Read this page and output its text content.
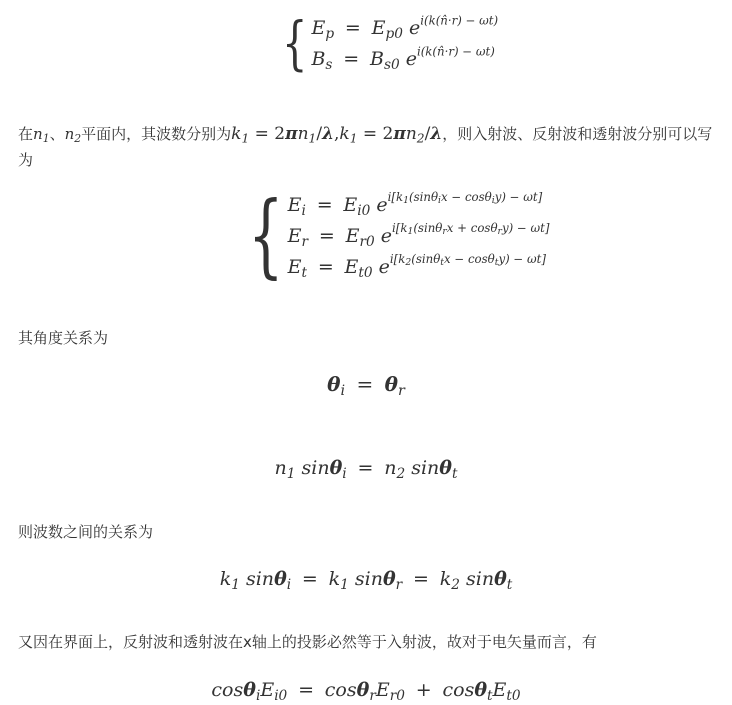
{ $E_p = E_{p0}$ $e^{i(k(n̂\cdot r) - \omega t)}$
$B_s = B_{s0}$ $e^{i(k(n̂\cdot r) - \omega t)}$
在$n_1$、$n_2$平面内，其波数分别为$k_1 = 2\pi n_1/\lambda,k_1 = 2\pi n_2/\lambda$，则入射波、反射波和透射波分别可以写为
{ $E_i = E_{i0}$ $e^{i[k_1(sin\theta_ix - cos\theta_iy) - \omega t]}$
$E_r = E_{r0}$ $e^{i[k_1(sin\theta_rx + cos\theta_ry) - \omega t]}$
$E_t = E_{t0}$ $e^{i[k_2(sin\theta_tx - cos\theta_ty) - \omega t]}$
其角度关系为
$\theta_i = \theta_r$
$n_1$ $\sin\theta_i = n_2$ sinθ$_t$
则波数之间的关系为
$k_1$ $\sin\theta_i = k_1$ $\sin\theta_r = k_2$ sinθ$_t$
又因在界面上，反射波和透射波在x轴上的投影必然等于入射波，故对于电矢量而言，有
$\cos\theta_iE_{i0} = \cos\theta_rE_{r0} + \cos\theta_tE_{t0}$
